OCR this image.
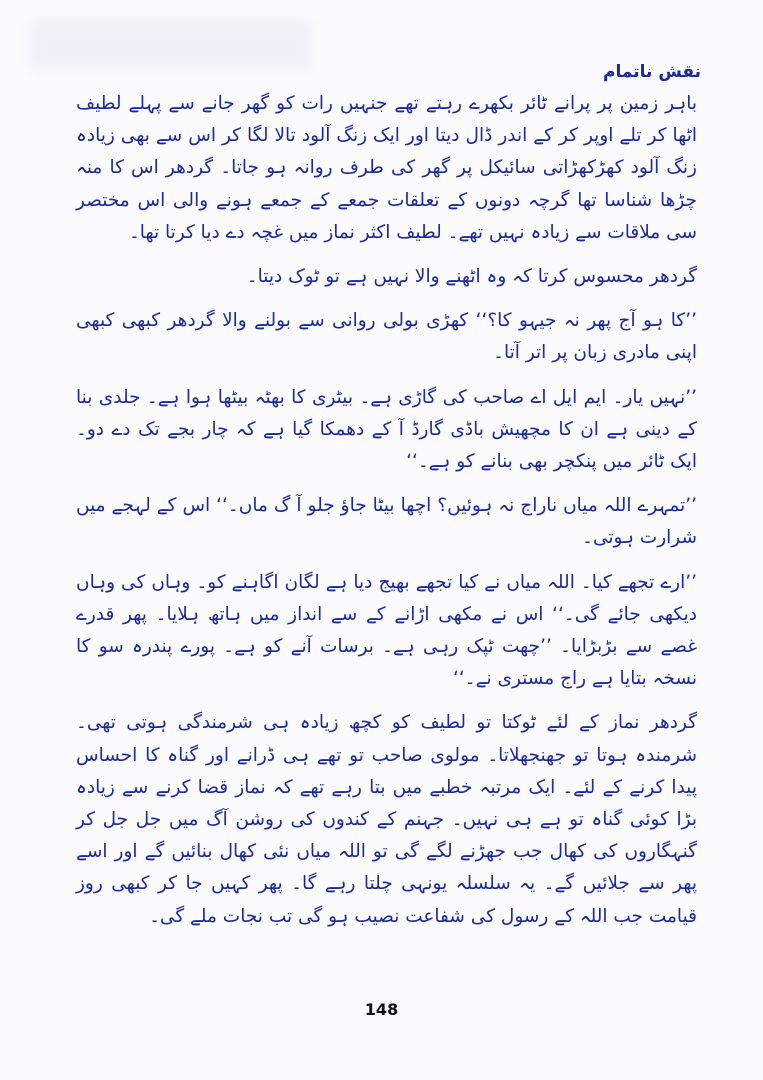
نقش ناتمام

باہر زمین پر پرانے ٹائر بکھرے رہتے تھے جنہیں رات کو گھر جانے سے پہلے لطیف اٹھا کر تلے اوپر کر کے اندر ڈال دیتا اور ایک زنگ آلود تالا لگا کر اس سے بھی زیادہ زنگ آلود کھڑکھڑاتی سائیکل پر گھر کی طرف روانہ ہو جاتا۔ گردھر اس کا منہ چڑھا شناسا تھا گرچہ دونوں کے تعلقات جمعے کے جمعے ہونے والی اس مختصر سی ملاقات سے زیادہ نہیں تھے۔ لطیف اکثر نماز میں غچہ دے دیا کرتا تھا۔

گردھر محسوس کرتا کہ وہ اٹھنے والا نہیں ہے تو ٹوک دیتا۔

’’کا ہو آج پھر نہ جیہو کا؟‘‘ کھڑی بولی روانی سے بولنے والا گردھر کبھی کبھی اپنی مادری زبان پر اتر آتا۔

’’نہیں یار۔ ایم ایل اے صاحب کی گاڑی ہے۔ بیٹری کا بھٹہ بیٹھا ہوا ہے۔ جلدی بنا کے دینی ہے ان کا مچھیش باڈی گارڈ آ کے دھمکا گیا ہے کہ چار بجے تک دے دو۔ ایک ٹائر میں پنکچر بھی بنانے کو ہے۔‘‘

’’تمہرے اللہ میاں ناراج نہ ہوئیں؟ اچھا بیٹا جاؤ جلو آ گ ماں۔‘‘ اس کے لہجے میں شرارت ہوتی۔

’’ارے تجھے کیا۔ اللہ میاں نے کیا تجھے بھیج دیا ہے لگان اگاہنے کو۔ وہاں کی وہاں دیکھی جائے گی۔‘‘ اس نے مکھی اڑانے کے سے انداز میں ہاتھ ہلایا۔ پھر قدرے غصے سے بڑبڑایا۔ ’’چھت ٹپک رہی ہے۔ برسات آنے کو ہے۔ پورے پندرہ سو کا نسخہ بتایا ہے راج مستری نے۔‘‘

گردھر نماز کے لئے ٹوکتا تو لطیف کو کچھ زیادہ ہی شرمندگی ہوتی تھی۔ شرمندہ ہوتا تو جھنجھلاتا۔ مولوی صاحب تو تھے ہی ڈرانے اور گناہ کا احساس پیدا کرنے کے لئے۔ ایک مرتبہ خطبے میں بتا رہے تھے کہ نماز قضا کرنے سے زیادہ بڑا کوئی گناہ تو ہے ہی نہیں۔ جہنم کے کندوں کی روشن آگ میں جل جل کر گنہگاروں کی کھال جب جھڑنے لگے گی تو اللہ میاں نئی کھال بنائیں گے اور اسے پھر سے جلائیں گے۔ یہ سلسلہ یونہی چلتا رہے گا۔ پھر کہیں جا کر کبھی روز قیامت جب اللہ کے رسول کی شفاعت نصیب ہو گی تب نجات ملے گی۔

148
